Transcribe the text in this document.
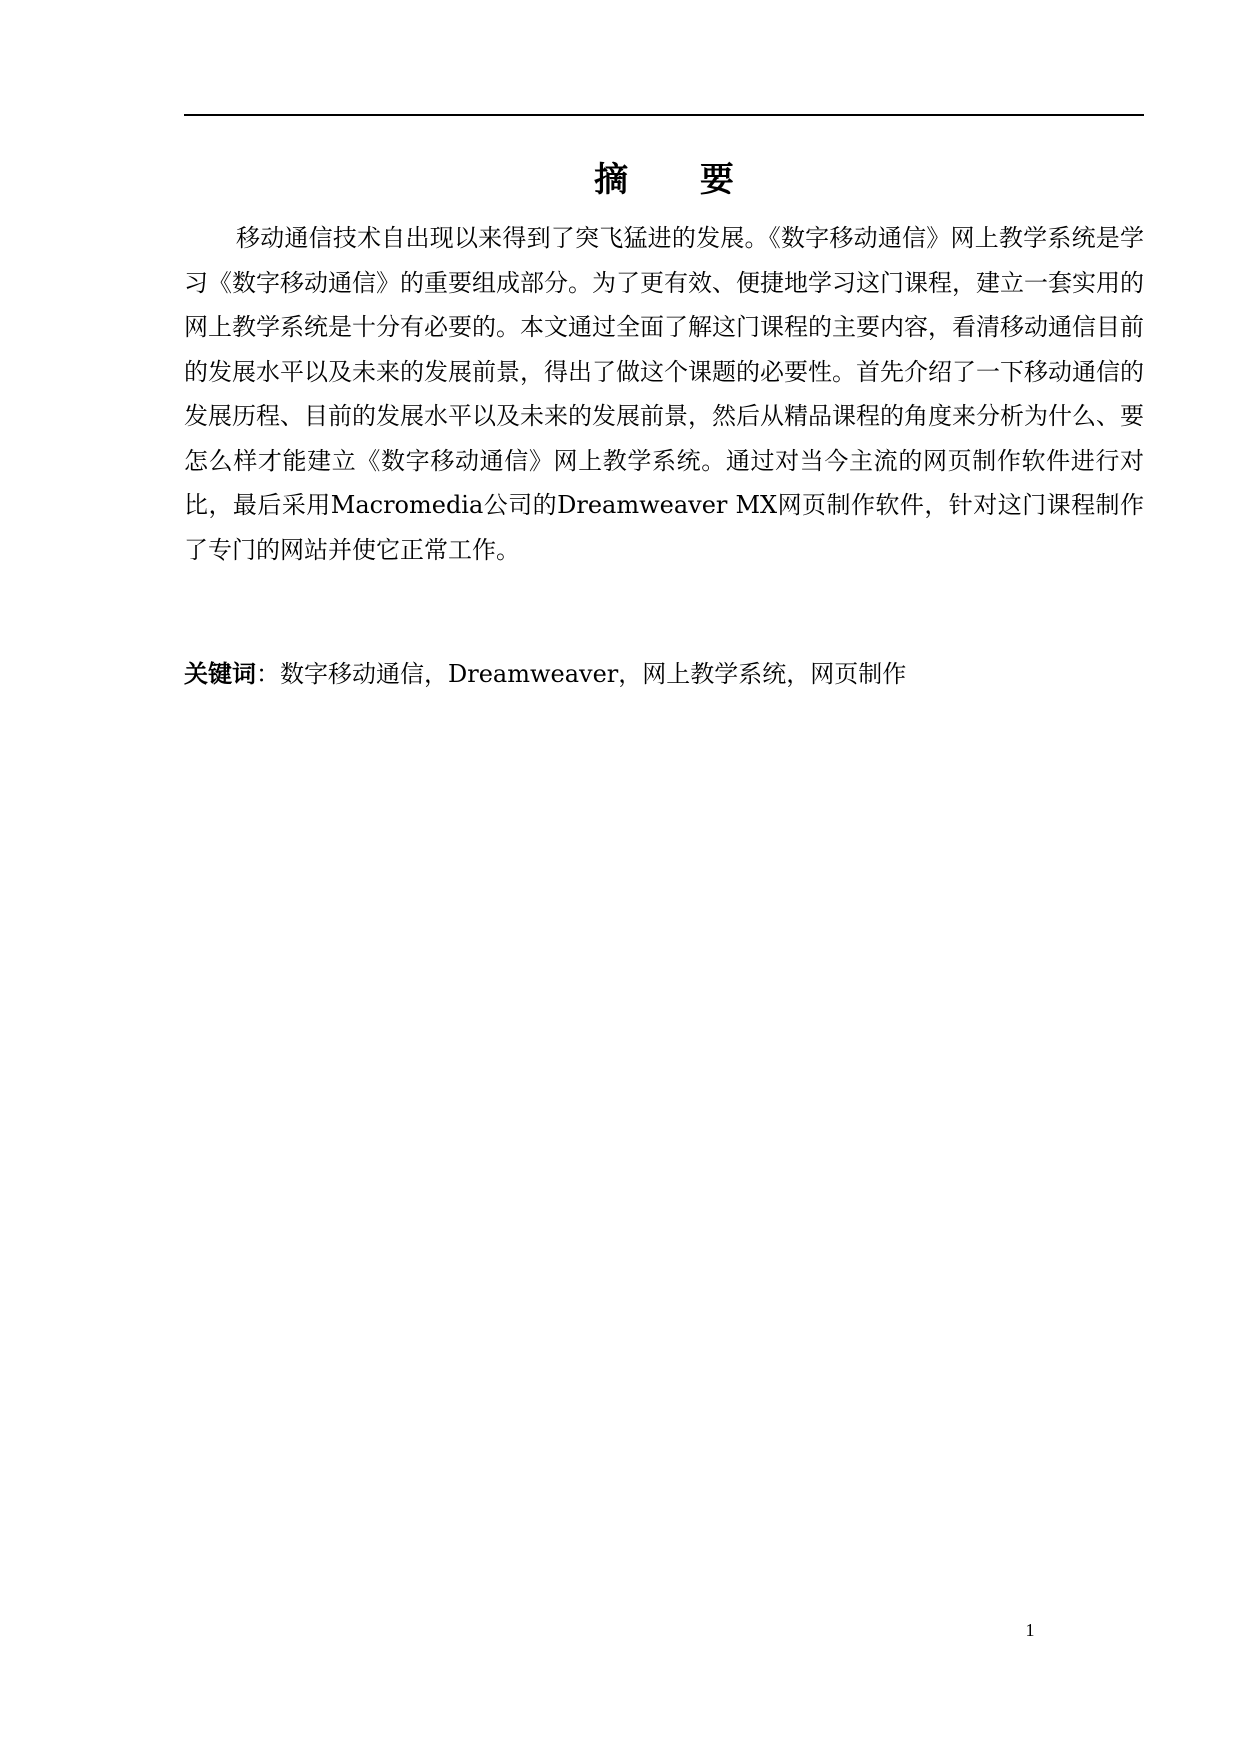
摘 要

移动通信技术自出现以来得到了突飞猛进的发展。《数字移动通信》网上教学系统是学习《数字移动通信》的重要组成部分。为了更有效、便捷地学习这门课程，建立一套实用的网上教学系统是十分有必要的。本文通过全面了解这门课程的主要内容，看清移动通信目前的发展水平以及未来的发展前景，得出了做这个课题的必要性。首先介绍了一下移动通信的发展历程、目前的发展水平以及未来的发展前景，然后从精品课程的角度来分析为什么、要怎么样才能建立《数字移动通信》网上教学系统。通过对当今主流的网页制作软件进行对比，最后采用Macromedia公司的Dreamweaver MX网页制作软件，针对这门课程制作了专门的网站并使它正常工作。

关键词：数字移动通信，Dreamweaver，网上教学系统，网页制作

1
